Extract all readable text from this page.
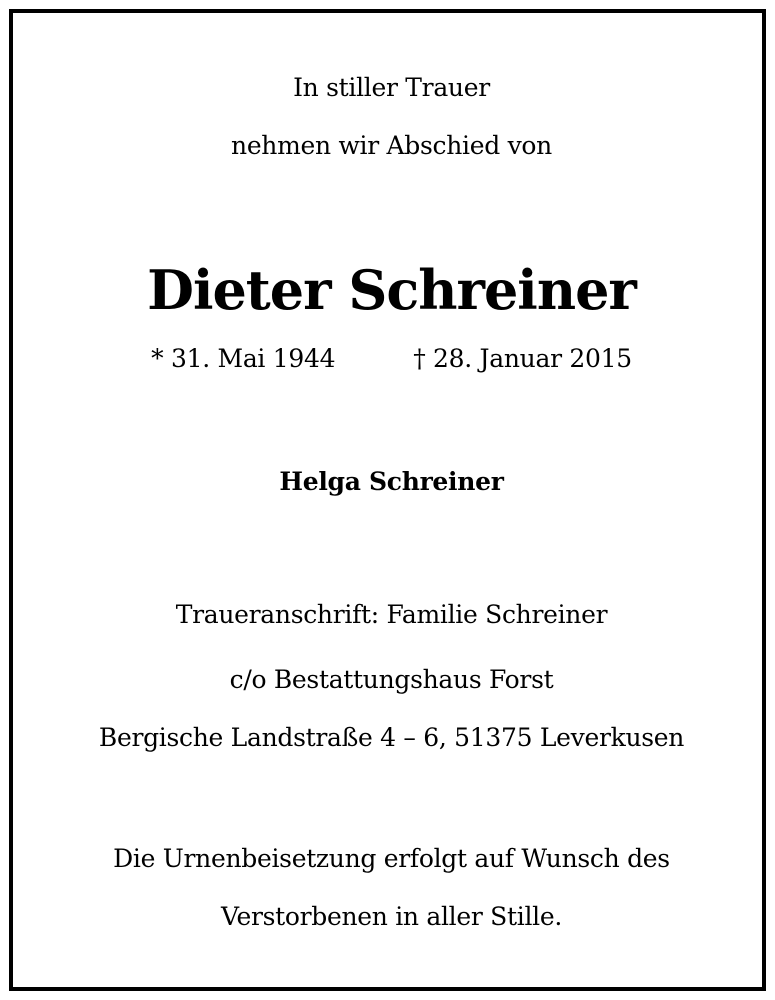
In stiller Trauer
nehmen wir Abschied von
Dieter Schreiner
* 31. Mai 1944	† 28. Januar 2015
Helga Schreiner
Traueranschrift: Familie Schreiner
c/o Bestattungshaus Forst
Bergische Landstraße 4 – 6, 51375 Leverkusen
Die Urnenbeisetzung erfolgt auf Wunsch des
Verstorbenen in aller Stille.
